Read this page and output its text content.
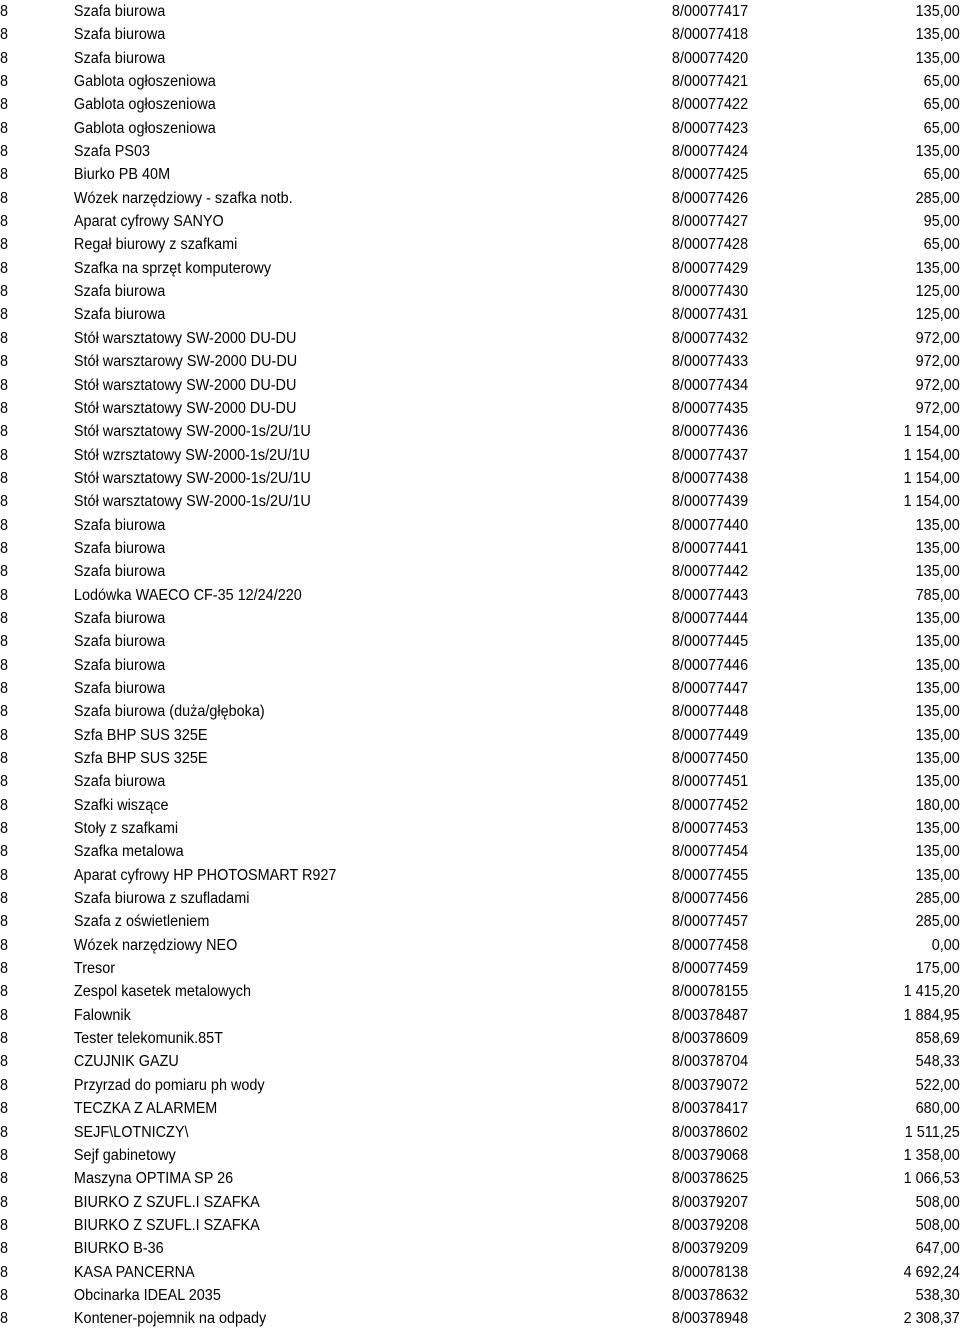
8	Szafa biurowa	8/00077417	135,00
8	Szafa biurowa	8/00077418	135,00
8	Szafa biurowa	8/00077420	135,00
8	Gablota ogłoszeniowa	8/00077421	65,00
8	Gablota ogłoszeniowa	8/00077422	65,00
8	Gablota ogłoszeniowa	8/00077423	65,00
8	Szafa PS03	8/00077424	135,00
8	Biurko PB 40M	8/00077425	65,00
8	Wózek narzędziowy - szafka notb.	8/00077426	285,00
8	Aparat cyfrowy SANYO	8/00077427	95,00
8	Regał biurowy z szafkami	8/00077428	65,00
8	Szafka na sprzęt komputerowy	8/00077429	135,00
8	Szafa biurowa	8/00077430	125,00
8	Szafa biurowa	8/00077431	125,00
8	Stół warsztatowy SW-2000 DU-DU	8/00077432	972,00
8	Stół warsztarowy SW-2000 DU-DU	8/00077433	972,00
8	Stół warsztatowy SW-2000 DU-DU	8/00077434	972,00
8	Stół warsztatowy SW-2000 DU-DU	8/00077435	972,00
8	Stół warsztatowy SW-2000-1s/2U/1U	8/00077436	1 154,00
8	Stół wzrsztatowy SW-2000-1s/2U/1U	8/00077437	1 154,00
8	Stół warsztatowy SW-2000-1s/2U/1U	8/00077438	1 154,00
8	Stół warsztatowy SW-2000-1s/2U/1U	8/00077439	1 154,00
8	Szafa biurowa	8/00077440	135,00
8	Szafa biurowa	8/00077441	135,00
8	Szafa biurowa	8/00077442	135,00
8	Lodówka WAECO CF-35 12/24/220	8/00077443	785,00
8	Szafa biurowa	8/00077444	135,00
8	Szafa biurowa	8/00077445	135,00
8	Szafa biurowa	8/00077446	135,00
8	Szafa biurowa	8/00077447	135,00
8	Szafa biurowa (duża/głęboka)	8/00077448	135,00
8	Szfa BHP SUS 325E	8/00077449	135,00
8	Szfa BHP SUS 325E	8/00077450	135,00
8	Szafa biurowa	8/00077451	135,00
8	Szafki wiszące	8/00077452	180,00
8	Stoły z szafkami	8/00077453	135,00
8	Szafka metalowa	8/00077454	135,00
8	Aparat cyfrowy HP PHOTOSMART R927	8/00077455	135,00
8	Szafa biurowa z szufladami	8/00077456	285,00
8	Szafa z oświetleniem	8/00077457	285,00
8	Wózek narzędziowy NEO	8/00077458	0,00
8	Tresor	8/00077459	175,00
8	Zespol kasetek metalowych	8/00078155	1 415,20
8	Falownik	8/00378487	1 884,95
8	Tester telekomunik.85T	8/00378609	858,69
8	CZUJNIK GAZU	8/00378704	548,33
8	Przyrzad do pomiaru ph wody	8/00379072	522,00
8	TECZKA Z ALARMEM	8/00378417	680,00
8	SEJF\LOTNICZY\	8/00378602	1 511,25
8	Sejf gabinetowy	8/00379068	1 358,00
8	Maszyna OPTIMA SP 26	8/00378625	1 066,53
8	BIURKO Z SZUFL.I SZAFKA	8/00379207	508,00
8	BIURKO Z SZUFL.I SZAFKA	8/00379208	508,00
8	BIURKO B-36	8/00379209	647,00
8	KASA PANCERNA	8/00078138	4 692,24
8	Obcinarka IDEAL 2035	8/00378632	538,30
8	Kontener-pojemnik na odpady	8/00378948	2 308,37
